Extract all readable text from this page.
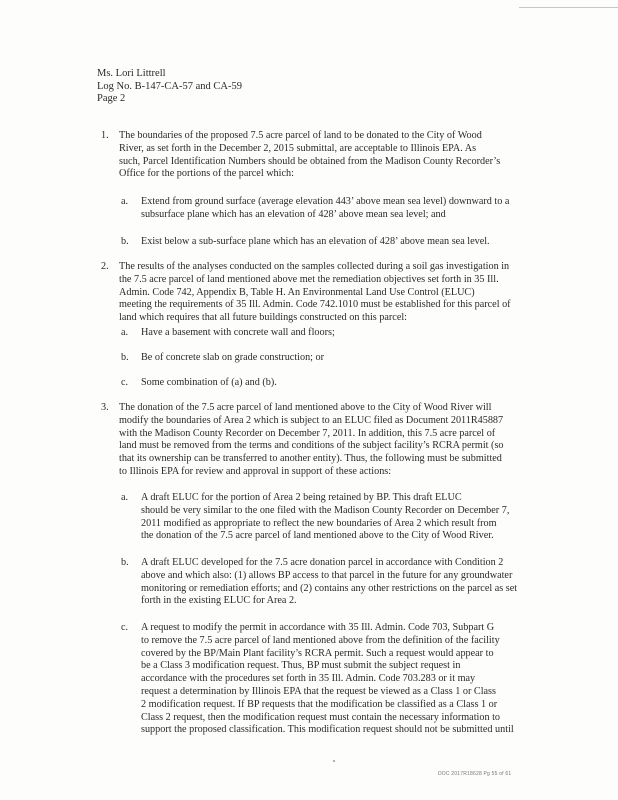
Ms. Lori Littrell
Log No. B-147-CA-57 and CA-59
Page 2
1. The boundaries of the proposed 7.5 acre parcel of land to be donated to the City of Wood
River, as set forth in the December 2, 2015 submittal, are acceptable to Illinois EPA. As
such, Parcel Identification Numbers should be obtained from the Madison County Recorder’s
Office for the portions of the parcel which:

a. Extend from ground surface (average elevation 443’ above mean sea level) downward to a
subsurface plane which has an elevation of 428’ above mean sea level; and

b. Exist below a sub-surface plane which has an elevation of 428’ above mean sea level.

2. The results of the analyses conducted on the samples collected during a soil gas investigation in
the 7.5 acre parcel of land mentioned above met the remediation objectives set forth in 35 Ill.
Admin. Code 742, Appendix B, Table H. An Environmental Land Use Control (ELUC)
meeting the requirements of 35 Ill. Admin. Code 742.1010 must be established for this parcel of
land which requires that all future buildings constructed on this parcel:

a. Have a basement with concrete wall and floors;

b. Be of concrete slab on grade construction; or

c. Some combination of (a) and (b).

3. The donation of the 7.5 acre parcel of land mentioned above to the City of Wood River will
modify the boundaries of Area 2 which is subject to an ELUC filed as Document 2011R45887
with the Madison County Recorder on December 7, 2011. In addition, this 7.5 acre parcel of
land must be removed from the terms and conditions of the subject facility’s RCRA permit (so
that its ownership can be transferred to another entity). Thus, the following must be submitted
to Illinois EPA for review and approval in support of these actions:

a. A draft ELUC for the portion of Area 2 being retained by BP. This draft ELUC
should be very similar to the one filed with the Madison County Recorder on December 7,
2011 modified as appropriate to reflect the new boundaries of Area 2 which result from
the donation of the 7.5 acre parcel of land mentioned above to the City of Wood River.

b. A draft ELUC developed for the 7.5 acre donation parcel in accordance with Condition 2
above and which also: (1) allows BP access to that parcel in the future for any groundwater
monitoring or remediation efforts; and (2) contains any other restrictions on the parcel as set
forth in the existing ELUC for Area 2.

c. A request to modify the permit in accordance with 35 Ill. Admin. Code 703, Subpart G
to remove the 7.5 acre parcel of land mentioned above from the definition of the facility
covered by the BP/Main Plant facility’s RCRA permit. Such a request would appear to
be a Class 3 modification request. Thus, BP must submit the subject request in
accordance with the procedures set forth in 35 Ill. Admin. Code 703.283 or it may
request a determination by Illinois EPA that the request be viewed as a Class 1 or Class
2 modification request. If BP requests that the modification be classified as a Class 1 or
Class 2 request, then the modification request must contain the necessary information to
support the proposed classification. This modification request should not be submitted until

DOC 2017R18628 Pg 55 of 61
